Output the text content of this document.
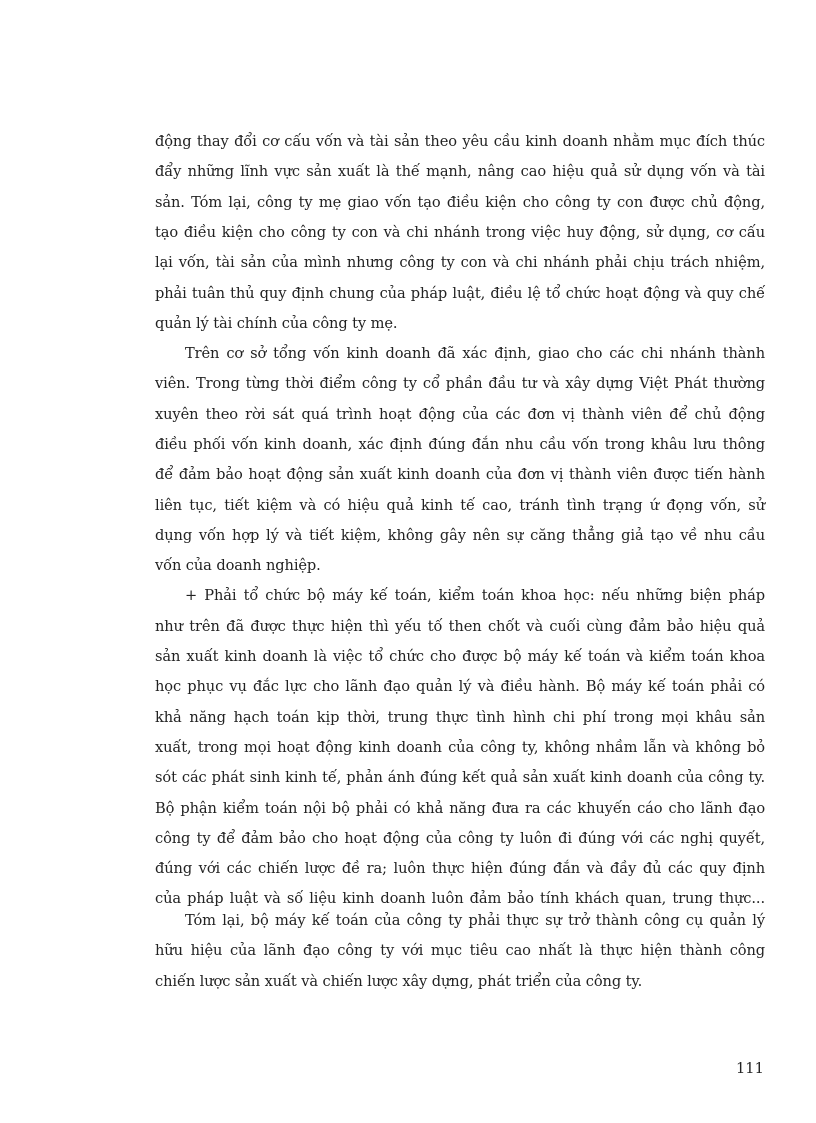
động thay đổi cơ cấu vốn và tài sản theo yêu cầu kinh doanh nhằm mục đích thúc
đẩy những lĩnh vực sản xuất là thế mạnh, nâng cao hiệu quả sử dụng vốn và tài
sản. Tóm lại, công ty mẹ giao vốn tạo điều kiện cho công ty con được chủ động,
tạo điều kiện cho công ty con và chi nhánh trong việc huy động, sử dụng, cơ cấu
lại vốn, tài sản của mình nhưng công ty con và chi nhánh phải chịu trách nhiệm,
phải tuân thủ quy định chung của pháp luật, điều lệ tổ chức hoạt động và quy chế
quản lý tài chính của công ty mẹ.
Trên cơ sở tổng vốn kinh doanh đã xác định, giao cho các chi nhánh thành
viên. Trong từng thời điểm công ty cổ phần đầu tư và xây dựng Việt Phát thường
xuyên theo rời sát quá trình hoạt động của các đơn vị thành viên để chủ động
điều phối vốn kinh doanh, xác định đúng đắn nhu cầu vốn trong khâu lưu thông
để đảm bảo hoạt động sản xuất kinh doanh của đơn vị thành viên được tiến hành
liên tục, tiết kiệm và có hiệu quả kinh tế cao, tránh tình trạng ứ đọng vốn, sử
dụng vốn hợp lý và tiết kiệm, không gây nên sự căng thẳng giả tạo về nhu cầu
vốn của doanh nghiệp.
+ Phải tổ chức bộ máy kế toán, kiểm toán khoa học: nếu những biện pháp
như trên đã được thực hiện thì yếu tố then chốt và cuối cùng đảm bảo hiệu quả
sản xuất kinh doanh là việc tổ chức cho được bộ máy kế toán và kiểm toán khoa
học phục vụ đắc lực cho lãnh đạo quản lý và điều hành. Bộ máy kế toán phải có
khả năng hạch toán kịp thời, trung thực tình hình chi phí trong mọi khâu sản
xuất, trong mọi hoạt động kinh doanh của công ty, không nhầm lẫn và không bỏ
sót các phát sinh kinh tế, phản ánh đúng kết quả sản xuất kinh doanh của công ty.
Bộ phận kiểm toán nội bộ phải có khả năng đưa ra các khuyến cáo cho lãnh đạo
công ty để đảm bảo cho hoạt động của công ty luôn đi đúng với các nghị quyết,
đúng với các chiến lược đề ra; luôn thực hiện đúng đắn và đầy đủ các quy định
của pháp luật và số liệu kinh doanh luôn đảm bảo tính khách quan, trung thực...
Tóm lại, bộ máy kế toán của công ty phải thực sự trở thành công cụ quản lý
hữu hiệu của lãnh đạo công ty với mục tiêu cao nhất là thực hiện thành công
chiến lược sản xuất và chiến lược xây dựng, phát triển của công ty.
111
